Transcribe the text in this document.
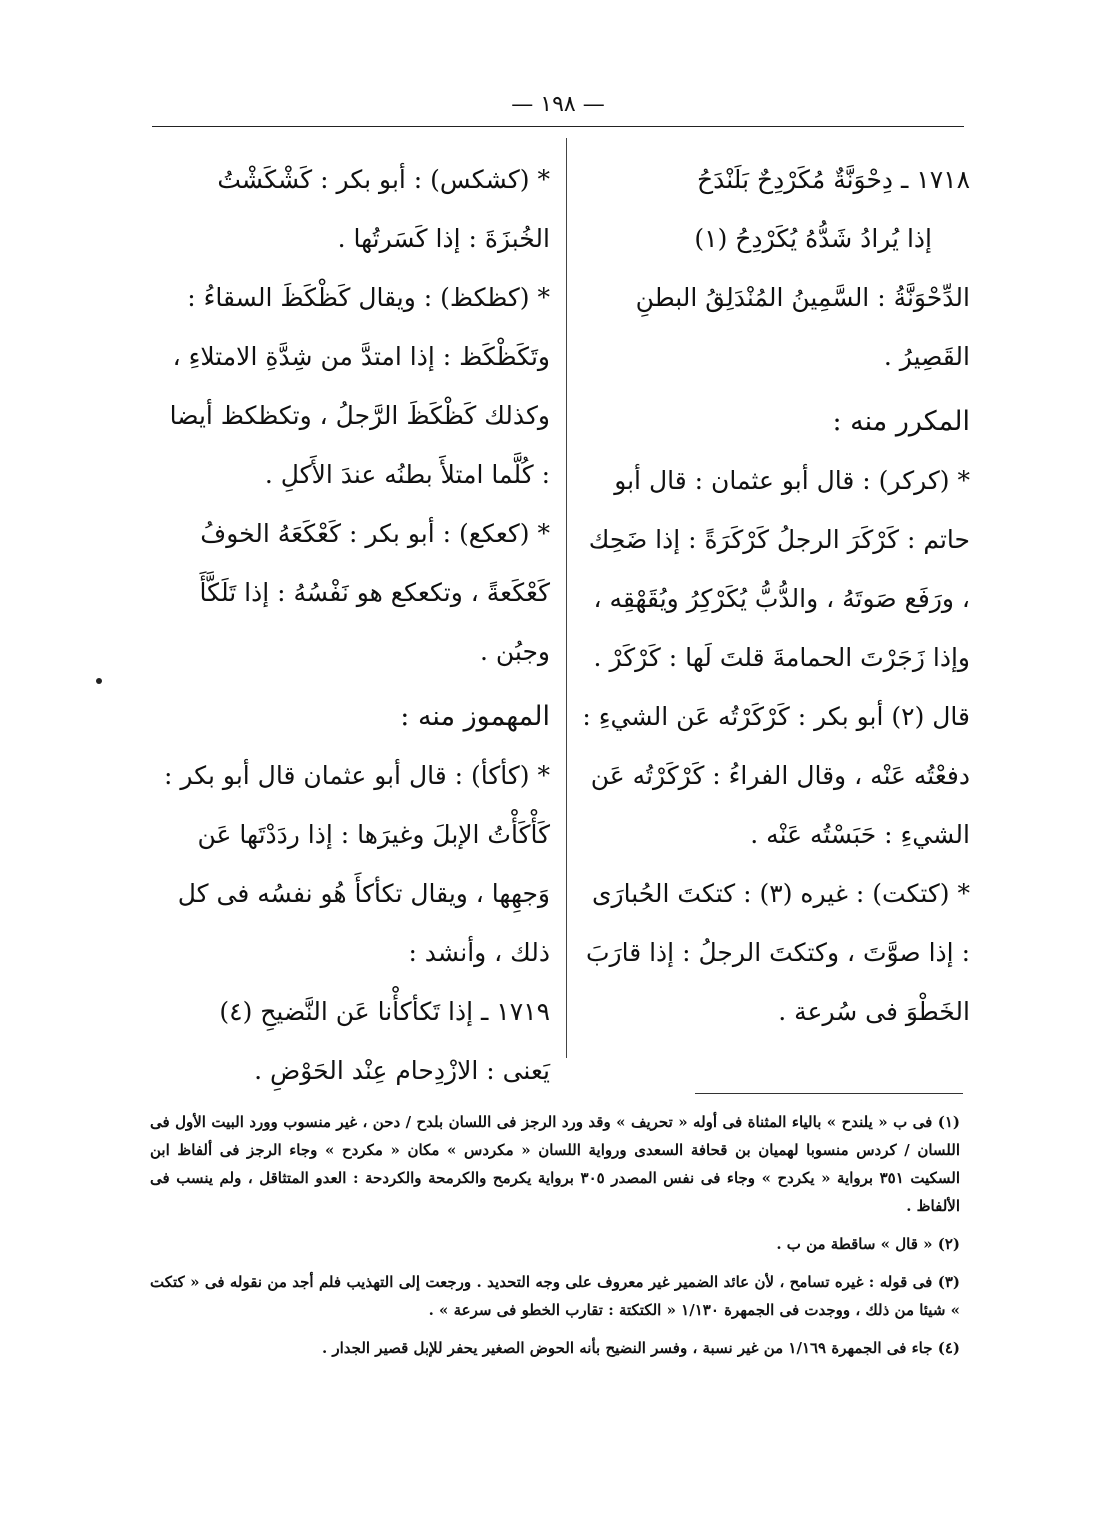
— ١٩٨ —

١٧١٨ ـ دِحْوَنَّةٌ مُكَرْدِحٌ بَلَنْدَحُ

إذا يُرادُ شَدُّهُ يُكَرْدِحُ (١)

الدِّحْوَنَّةُ : السَّمِينُ المُنْدَلِقُ البطنِ القَصِيرُ .

المكرر منه :

* (كركر) : قال أبو عثمان : قال أبو حاتم : كَرْكَرَ الرجلُ كَرْكَرَةً : إذا ضَحِك ، ورَفَع صَوتَهُ ، والدُّبُّ يُكَرْكِرُ ويُقَهْقِه ، وإذا زَجَرْتَ الحمامةَ قلتَ لَها : كَرْكَرْ .

قال (٢) أبو بكر : كَرْكَرْتُه عَن الشيءِ : دفعْتُه عَنْه ، وقال الفراءُ : كَرْكَرْتُه عَن الشيءِ : حَبَسْتُه عَنْه .

* (كتكت) : غيره (٣) : كتكتَ الحُبارَى : إذا صوَّتَ ، وكتكتَ الرجلُ : إذا قارَبَ الخَطْوَ فى سُرعة .

* (كشكس) : أبو بكر : كَشْكَشْتُ الخُبزَةَ : إذا كَسَرتُها .

* (كظكظ) : ويقال كَظْكَظَ السقاءُ : وتَكَظْكَظ : إذا امتدَّ من شِدَّةِ الامتلاءِ ، وكذلك كَظْكَظَ الرَّجلُ ، وتكظكظ أيضا : كُلَّما امتلأَ بطنُه عندَ الأَكلِ .

* (كعكع) : أبو بكر : كَعْكَعَهُ الخوفُ كَعْكَعةً ، وتكعكع هو نَفْسُهُ : إذا تَلَكَّأَ وجبُن .

المهموز منه :

* (كأكأ) : قال أبو عثمان قال أبو بكر : كَأْكَأْتُ الإبلَ وغيرَها : إذا ردَدْتَها عَن وَجهِها ، ويقال تكأكأَ هُو نفسُه فى كل ذلك ، وأنشد :

١٧١٩ ـ إذا تَكأكأْنا عَن النَّضيحِ (٤)

يَعنى : الازْدِحام عِنْد الحَوْضِ .

(١) فى ب « يلندح » بالياء المثناة فى أوله « تحريف » وقد ورد الرجز فى اللسان بلدح / دحن ، غير منسوب وورد البيت الأول فى اللسان / كردس منسوبا لهميان بن قحافة السعدى ورواية اللسان « مكردس » مكان « مكردح » وجاء الرجز فى ألفاظ ابن السكيت ٣٥١ برواية « يكردح » وجاء فى نفس المصدر ٣٠٥ برواية يكرمح والكرمحة والكردحة : العدو المتثاقل ، ولم ينسب فى الألفاظ .

(٢) « قال » ساقطة من ب .

(٣) فى قوله : غيره تسامح ، لأن عائد الضمير غير معروف على وجه التحديد . ورجعت إلى التهذيب فلم أجد من نقوله فى « كتكت » شيئا من ذلك ، ووجدت فى الجمهرة ١/١٣٠ « الكتكتة : تقارب الخطو فى سرعة » .

(٤) جاء فى الجمهرة ١/١٦٩ من غير نسبة ، وفسر النضيح بأنه الحوض الصغير يحفر للإبل قصير الجدار .
